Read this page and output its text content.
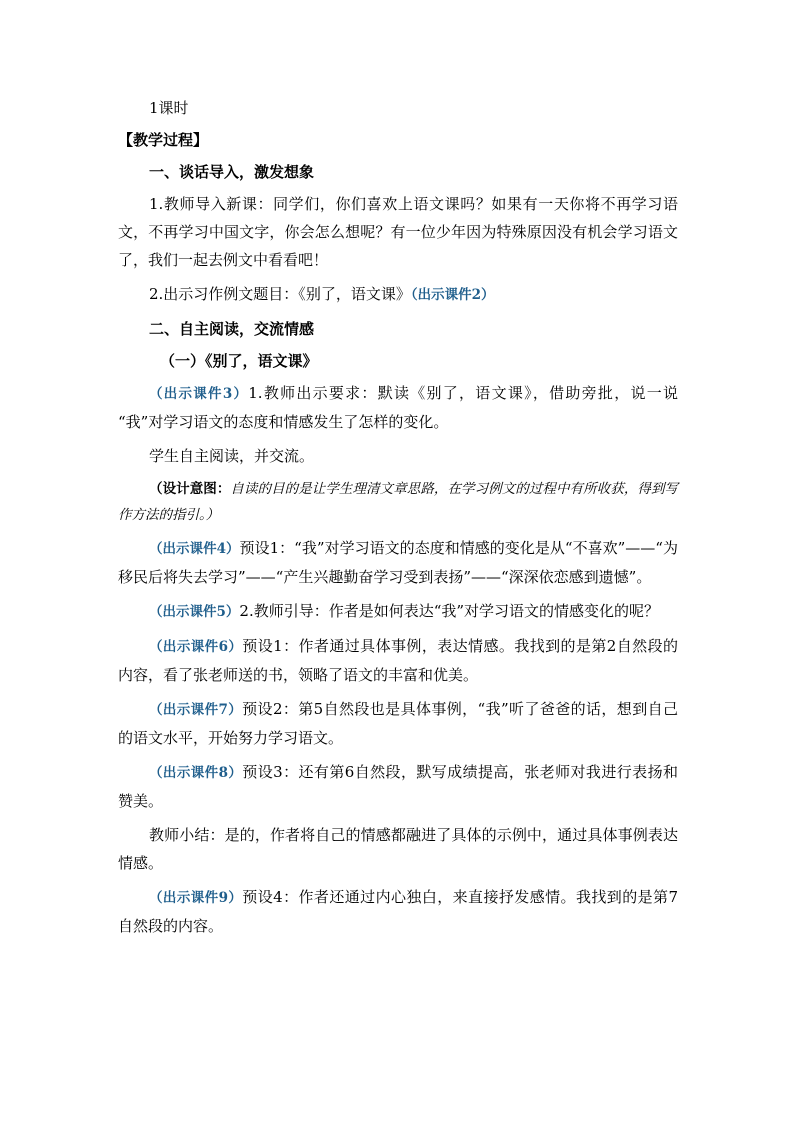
1课时
【教学过程】
一、谈话导入，激发想象

1.教师导入新课：同学们，你们喜欢上语文课吗？如果有一天你将不再学习语文，不再学习中国文字，你会怎么想呢？有一位少年因为特殊原因没有机会学习语文了，我们一起去例文中看看吧！

2.出示习作例文题目：《别了，语文课》（出示课件2）

二、自主阅读，交流情感
（一）《别了，语文课》

（出示课件3）1.教师出示要求：默读《别了，语文课》，借助旁批，说一说 “我”对学习语文的态度和情感发生了怎样的变化。

学生自主阅读，并交流。

（设计意图：自读的目的是让学生理清文章思路，在学习例文的过程中有所收获，得到写作方法的指引。）

（出示课件4）预设1：“我”对学习语文的态度和情感的变化是从“不喜欢”——“为移民后将失去学习”——“产生兴趣勤奋学习受到表扬”——“深深依恋感到遗憾”。

（出示课件5）2.教师引导：作者是如何表达“我”对学习语文的情感变化的呢？

（出示课件6）预设1：作者通过具体事例，表达情感。我找到的是第2自然段的内容，看了张老师送的书，领略了语文的丰富和优美。

（出示课件7）预设2：第5自然段也是具体事例，“我”听了爸爸的话，想到自己的语文水平，开始努力学习语文。

（出示课件8）预设3：还有第6自然段，默写成绩提高，张老师对我进行表扬和赞美。

教师小结：是的，作者将自己的情感都融进了具体的示例中，通过具体事例表达情感。

（出示课件9）预设4：作者还通过内心独白，来直接抒发感情。我找到的是第7自然段的内容。
